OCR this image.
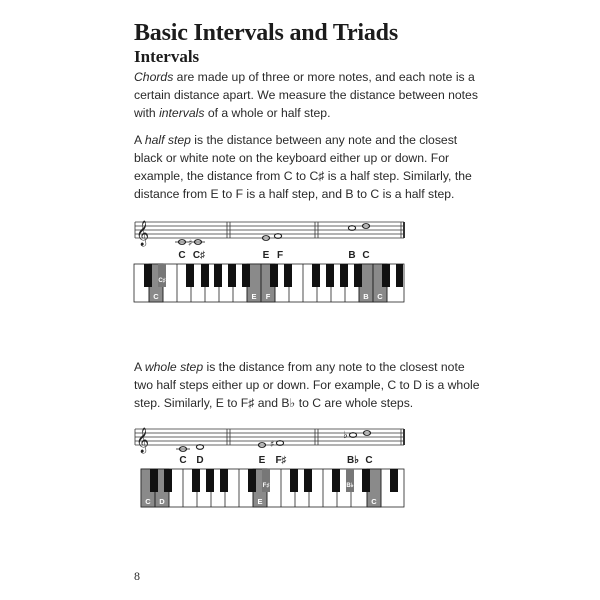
Basic Intervals and Triads
Intervals

Chords are made up of three or more notes, and each note is a certain distance apart. We measure the distance between notes with intervals of a whole or half step.

A half step is the distance between any note and the closest black or white note on the keyboard either up or down. For example, the distance from C to C♯ is a half step. Similarly, the distance from E to F is a half step, and B to C is a half step.

𝄞	♯
C C♯	E F	B C
C
C♯
E F	B C

A whole step is the distance from any note to the closest note two half steps either up or down. For example, C to D is a whole step. Similarly, E to F♯ and B♭ to C are whole steps.

𝄞	♯
♭
C D	E F♯	B♭ C
C D	E
F♯	B♭
C

8
